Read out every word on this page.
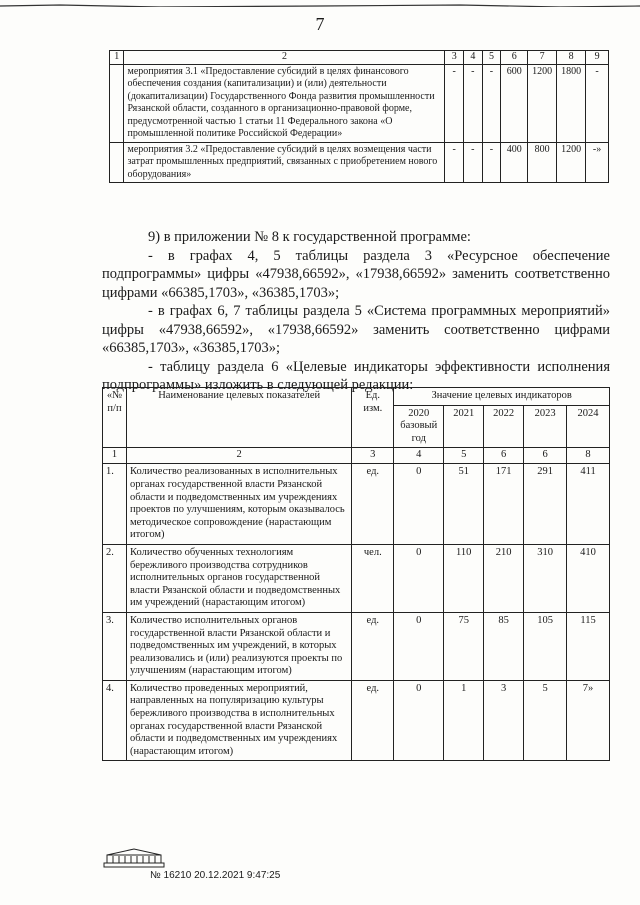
7
1	2	3	4	5	6	7	8	9
	мероприятия 3.1 «Предоставление субсидий в целях финансового обеспечения создания (капитализации) и (или) деятельности (докапитализации) Государственного Фонда развития промышленности Рязанской области, созданного в организационно-правовой форме, предусмотренной частью 1 статьи 11 Федерального закона «О промышленной политике Российской Федерации»	-	-	-	600	1200	1800	-
	мероприятия 3.2 «Предоставление субсидий в целях возмещения части затрат промышленных предприятий, связанных с приобретением нового оборудования»	-	-	-	400	800	1200	-»

9) в приложении № 8 к государственной программе:

- в графах 4, 5 таблицы раздела 3 «Ресурсное обеспечение подпрограммы» цифры «47938,66592», «17938,66592» заменить соответственно цифрами «66385,1703», «36385,1703»;

- в графах 6, 7 таблицы раздела 5 «Система программных мероприятий» цифры «47938,66592», «17938,66592» заменить соответственно цифрами «66385,1703», «36385,1703»;

- таблицу раздела 6 «Целевые индикаторы эффективности исполнения подпрограммы» изложить в следующей редакции:

«№ п/п	Наименование целевых показателей	Ед. изм.	Значение целевых индикаторов				
			2020 базовый год	2021	2022	2023	2024
1	2	3	4	5	6	6	8
1.	Количество реализованных в исполнительных органах государственной власти Рязанской области и подведомственных им учреждениях проектов по улучшениям, которым оказывалось методическое сопровождение (нарастающим итогом)	ед.	0	51	171	291	411
2.	Количество обученных технологиям бережливого производства сотрудников исполнительных органов государственной власти Рязанской области и подведомственных им учреждений (нарастающим итогом)	чел.	0	110	210	310	410
3.	Количество исполнительных органов государственной власти Рязанской области и подведомственных им учреждений, в которых реализовались и (или) реализуются проекты по улучшениям (нарастающим итогом)	ед.	0	75	85	105	115
4.	Количество проведенных мероприятий, направленных на популяризацию культуры бережливого производства в исполнительных органах государственной власти Рязанской области и подведомственных им учреждениях (нарастающим итогом)	ед.	0	1	3	5	7»
№ 16210 20.12.2021 9:47:25
